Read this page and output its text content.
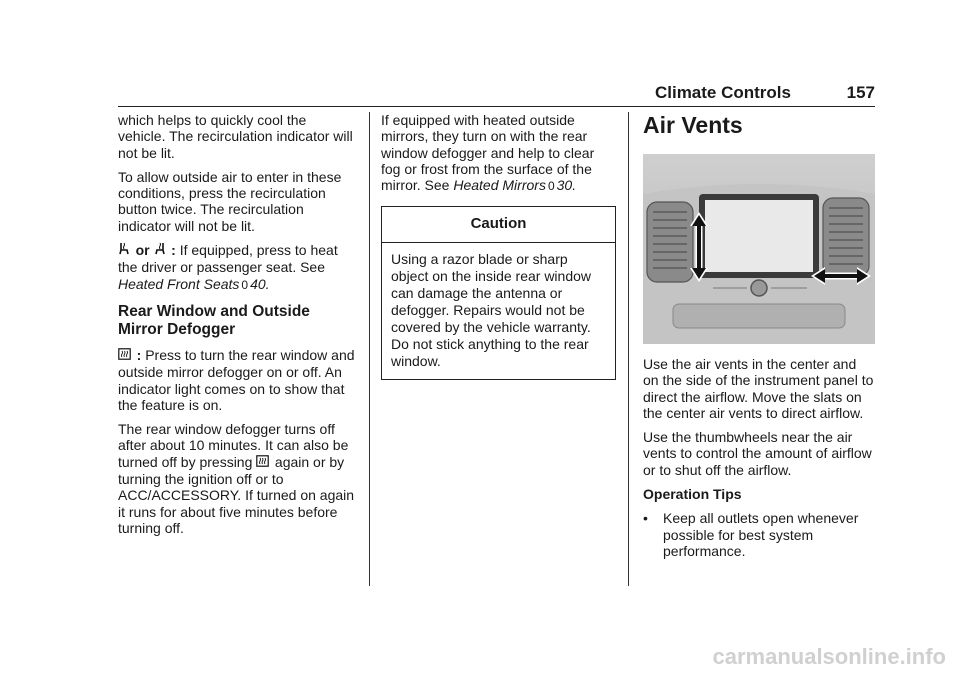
Climate Controls	157

which helps to quickly cool the vehicle. The recirculation indicator will not be lit.

To allow outside air to enter in these conditions, press the recirculation button twice. The recirculation indicator will not be lit.

or : If equipped, press to heat the driver or passenger seat. See Heated Front Seats 0 40.

Rear Window and Outside Mirror Defogger

: Press to turn the rear window and outside mirror defogger on or off. An indicator light comes on to show that the feature is on.

The rear window defogger turns off after about 10 minutes. It can also be turned off by pressing again or by turning the ignition off or to ACC/ACCESSORY. If turned on again it runs for about five minutes before turning off.

If equipped with heated outside mirrors, they turn on with the rear window defogger and help to clear fog or frost from the surface of the mirror. See Heated Mirrors 0 30.

Caution
Using a razor blade or sharp object on the inside rear window can damage the antenna or defogger. Repairs would not be covered by the vehicle warranty. Do not stick anything to the rear window.
Air Vents

Use the air vents in the center and on the side of the instrument panel to direct the airflow. Move the slats on the center air vents to direct airflow.

Use the thumbwheels near the air vents to control the amount of airflow or to shut off the airflow.

Operation Tips

•	Keep all outlets open whenever possible for best system performance.
carmanualsonline.info
